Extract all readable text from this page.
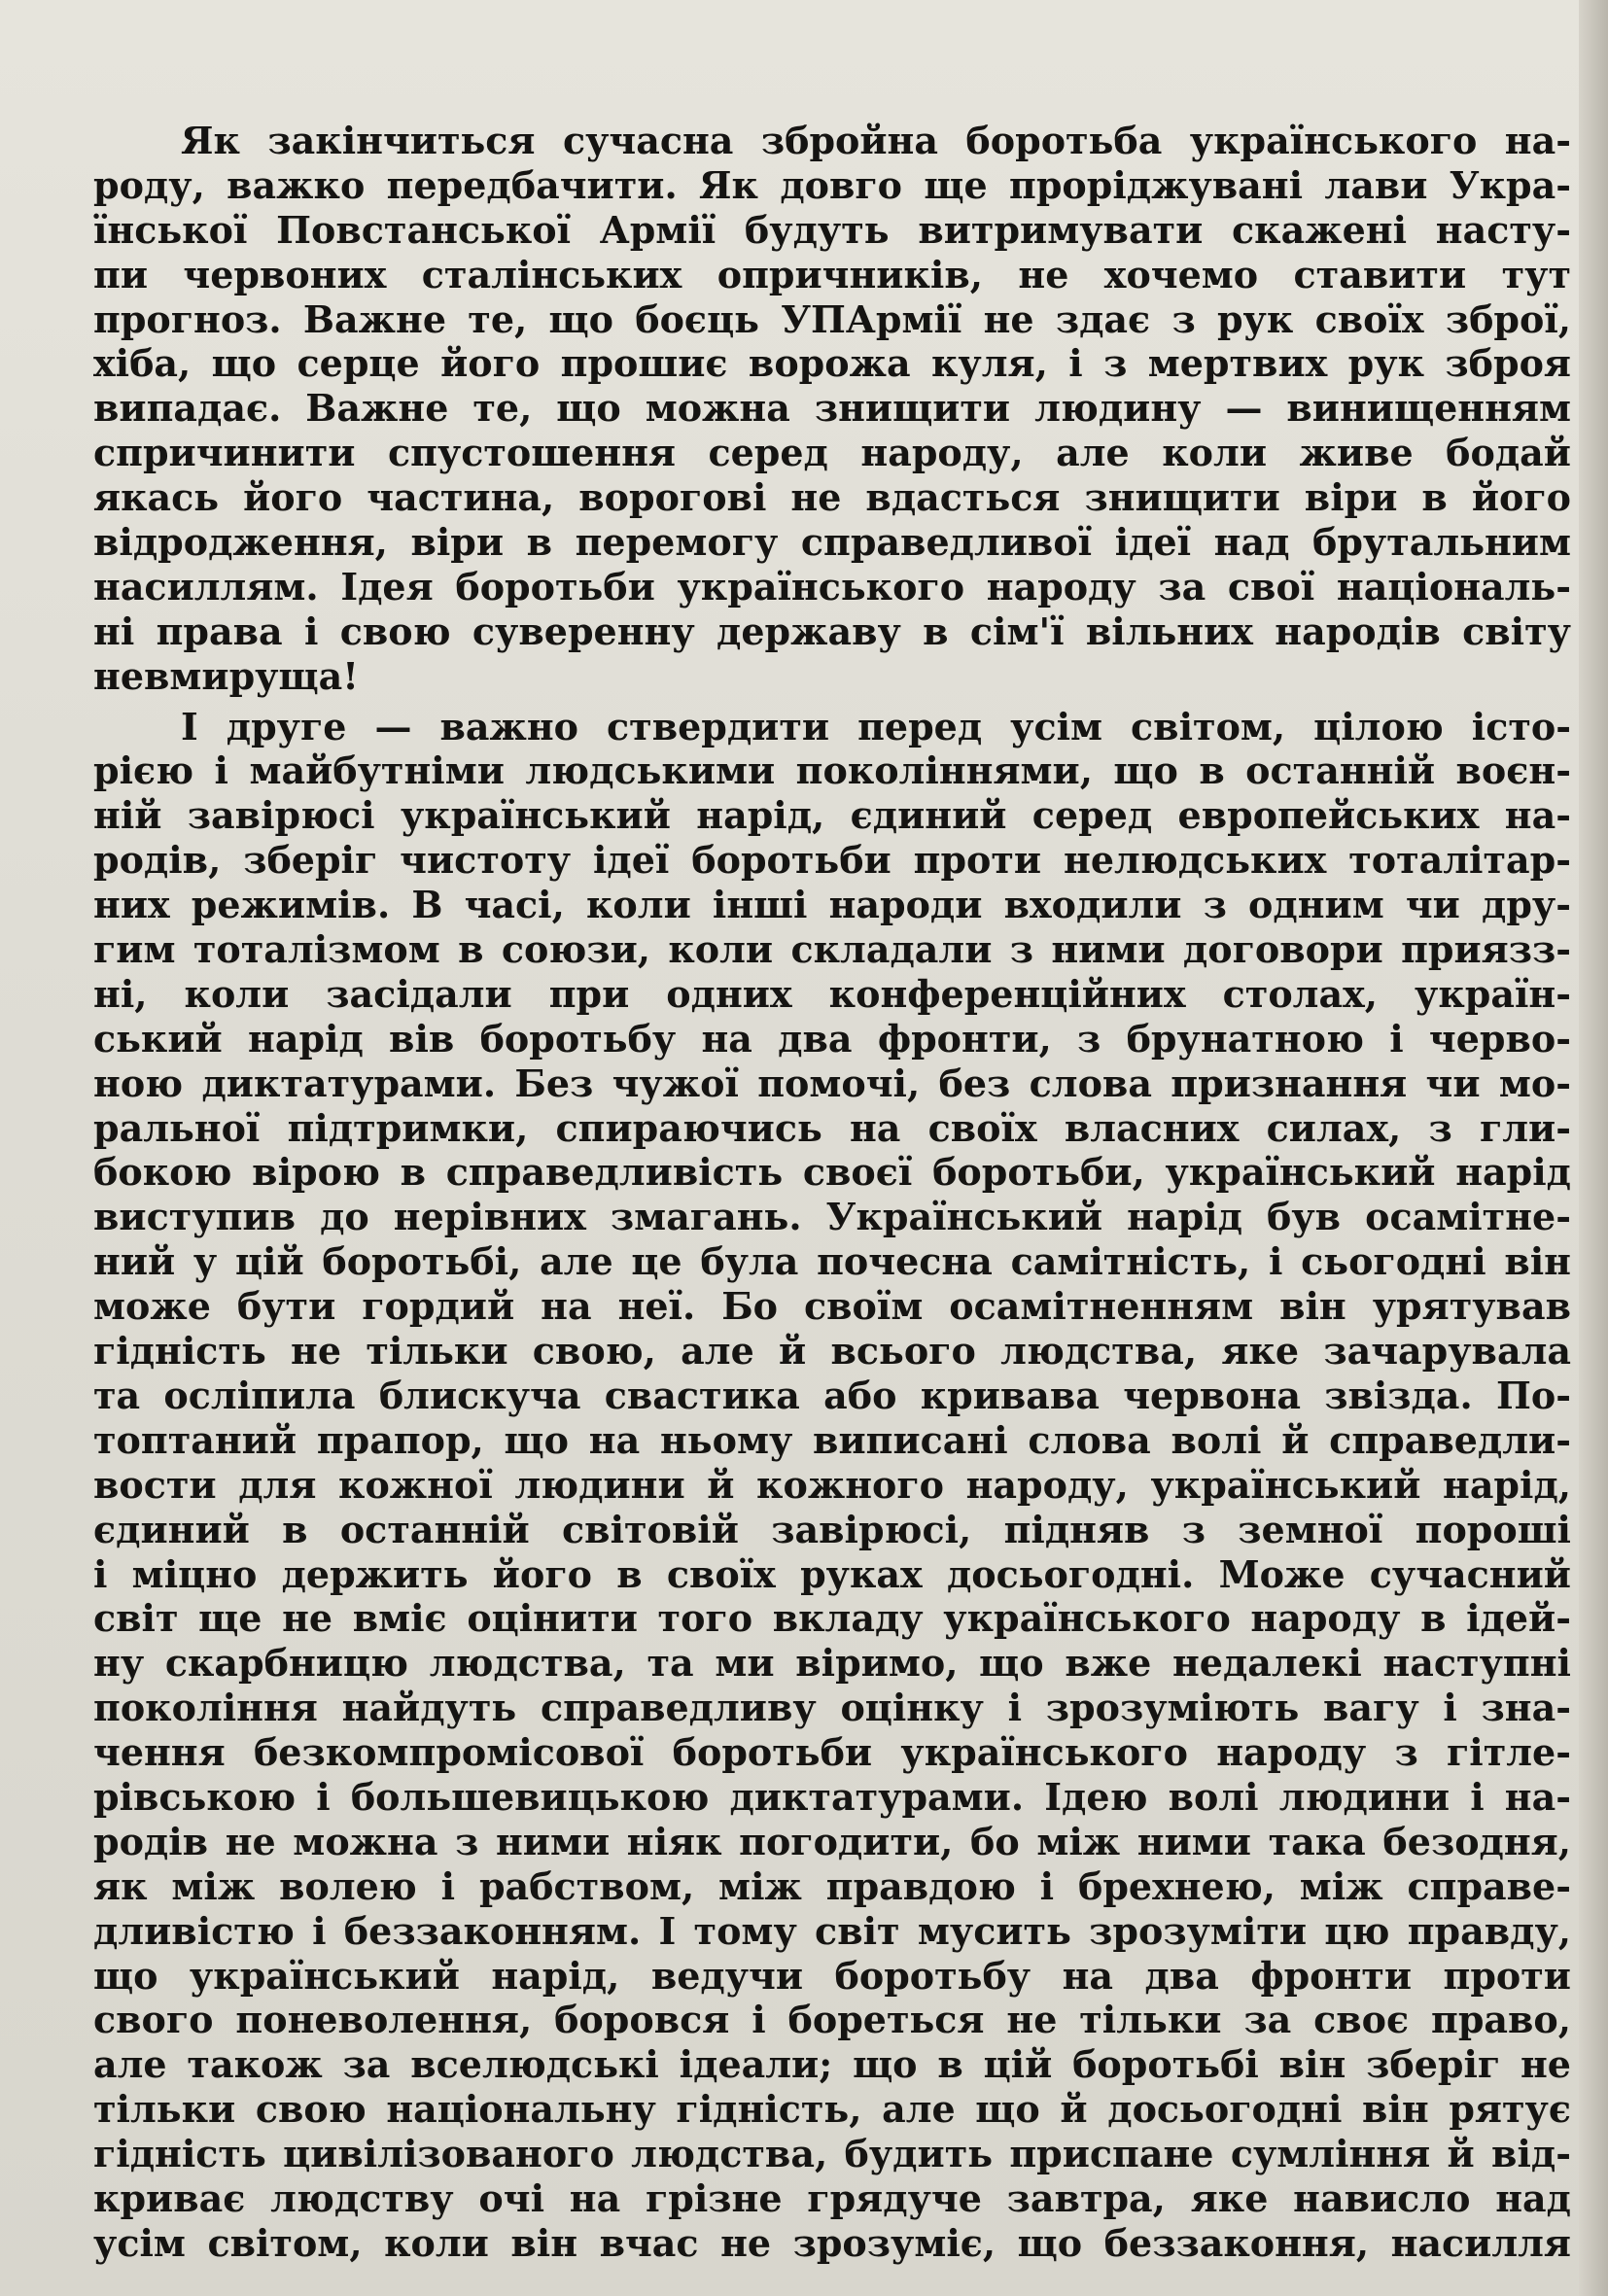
Як закінчиться сучасна збройна боротьба українського на-
роду, важко передбачити. Як довго ще проріджувані лави Укра-
їнської Повстанської Армії будуть витримувати скажені насту-
пи червоних сталінських опричників, не хочемо ставити тут
прогноз. Важне те, що боєць УПАрмії не здає з рук своїх зброї,
хіба, що серце його прошиє ворожа куля, і з мертвих рук зброя
випадає. Важне те, що можна знищити людину — винищенням
спричинити спустошення серед народу, але коли живе бодай
якась його частина, ворогові не вдасться знищити віри в його
відродження, віри в перемогу справедливої ідеї над брутальним
насиллям. Ідея боротьби українського народу за свої національ-
ні права і свою суверенну державу в сім'ї вільних народів світу
невмируща!
І друге — важно ствердити перед усім світом, цілою істо-
рією і майбутніми людськими поколіннями, що в останній воєн-
ній завірюсі український нарід, єдиний серед европейських на-
родів, зберіг чистоту ідеї боротьби проти нелюдських тоталітар-
них режимів. В часі, коли інші народи входили з одним чи дру-
гим тоталізмом в союзи, коли складали з ними договори приязз-
ні, коли засідали при одних конференційних столах, україн-
ський нарід вів боротьбу на два фронти, з брунатною і черво-
ною диктатурами. Без чужої помочі, без слова признання чи мо-
ральної підтримки, спираючись на своїх власних силах, з гли-
бокою вірою в справедливість своєї боротьби, український нарід
виступив до нерівних змагань. Український нарід був осамітне-
ний у цій боротьбі, але це була почесна самітність, і сьогодні він
може бути гордий на неї. Бо своїм осамітненням він урятував
гідність не тільки свою, але й всього людства, яке зачарувала
та осліпила блискуча свастика або кривава червона звізда. По-
топтаний прапор, що на ньому виписані слова волі й справедли-
вости для кожної людини й кожного народу, український нарід,
єдиний в останній світовій завірюсі, підняв з земної пороші
і міцно держить його в своїх руках досьогодні. Може сучасний
світ ще не вміє оцінити того вкладу українського народу в ідей-
ну скарбницю людства, та ми віримо, що вже недалекі наступні
покоління найдуть справедливу оцінку і зрозуміють вагу і зна-
чення безкомпромісової боротьби українського народу з гітле-
рівською і большевицькою диктатурами. Ідею волі людини і на-
родів не можна з ними ніяк погодити, бо між ними така безодня,
як між волею і рабством, між правдою і брехнею, між справе-
дливістю і беззаконням. І тому світ мусить зрозуміти цю правду,
що український нарід, ведучи боротьбу на два фронти проти
свого поневолення, боровся і бореться не тільки за своє право,
але також за вселюдські ідеали; що в цій боротьбі він зберіг не
тільки свою національну гідність, але що й досьогодні він рятує
гідність цивілізованого людства, будить приспане сумління й від-
криває людству очі на грізне грядуче завтра, яке нависло над
усім світом, коли він вчас не зрозуміє, що беззаконня, насилля
